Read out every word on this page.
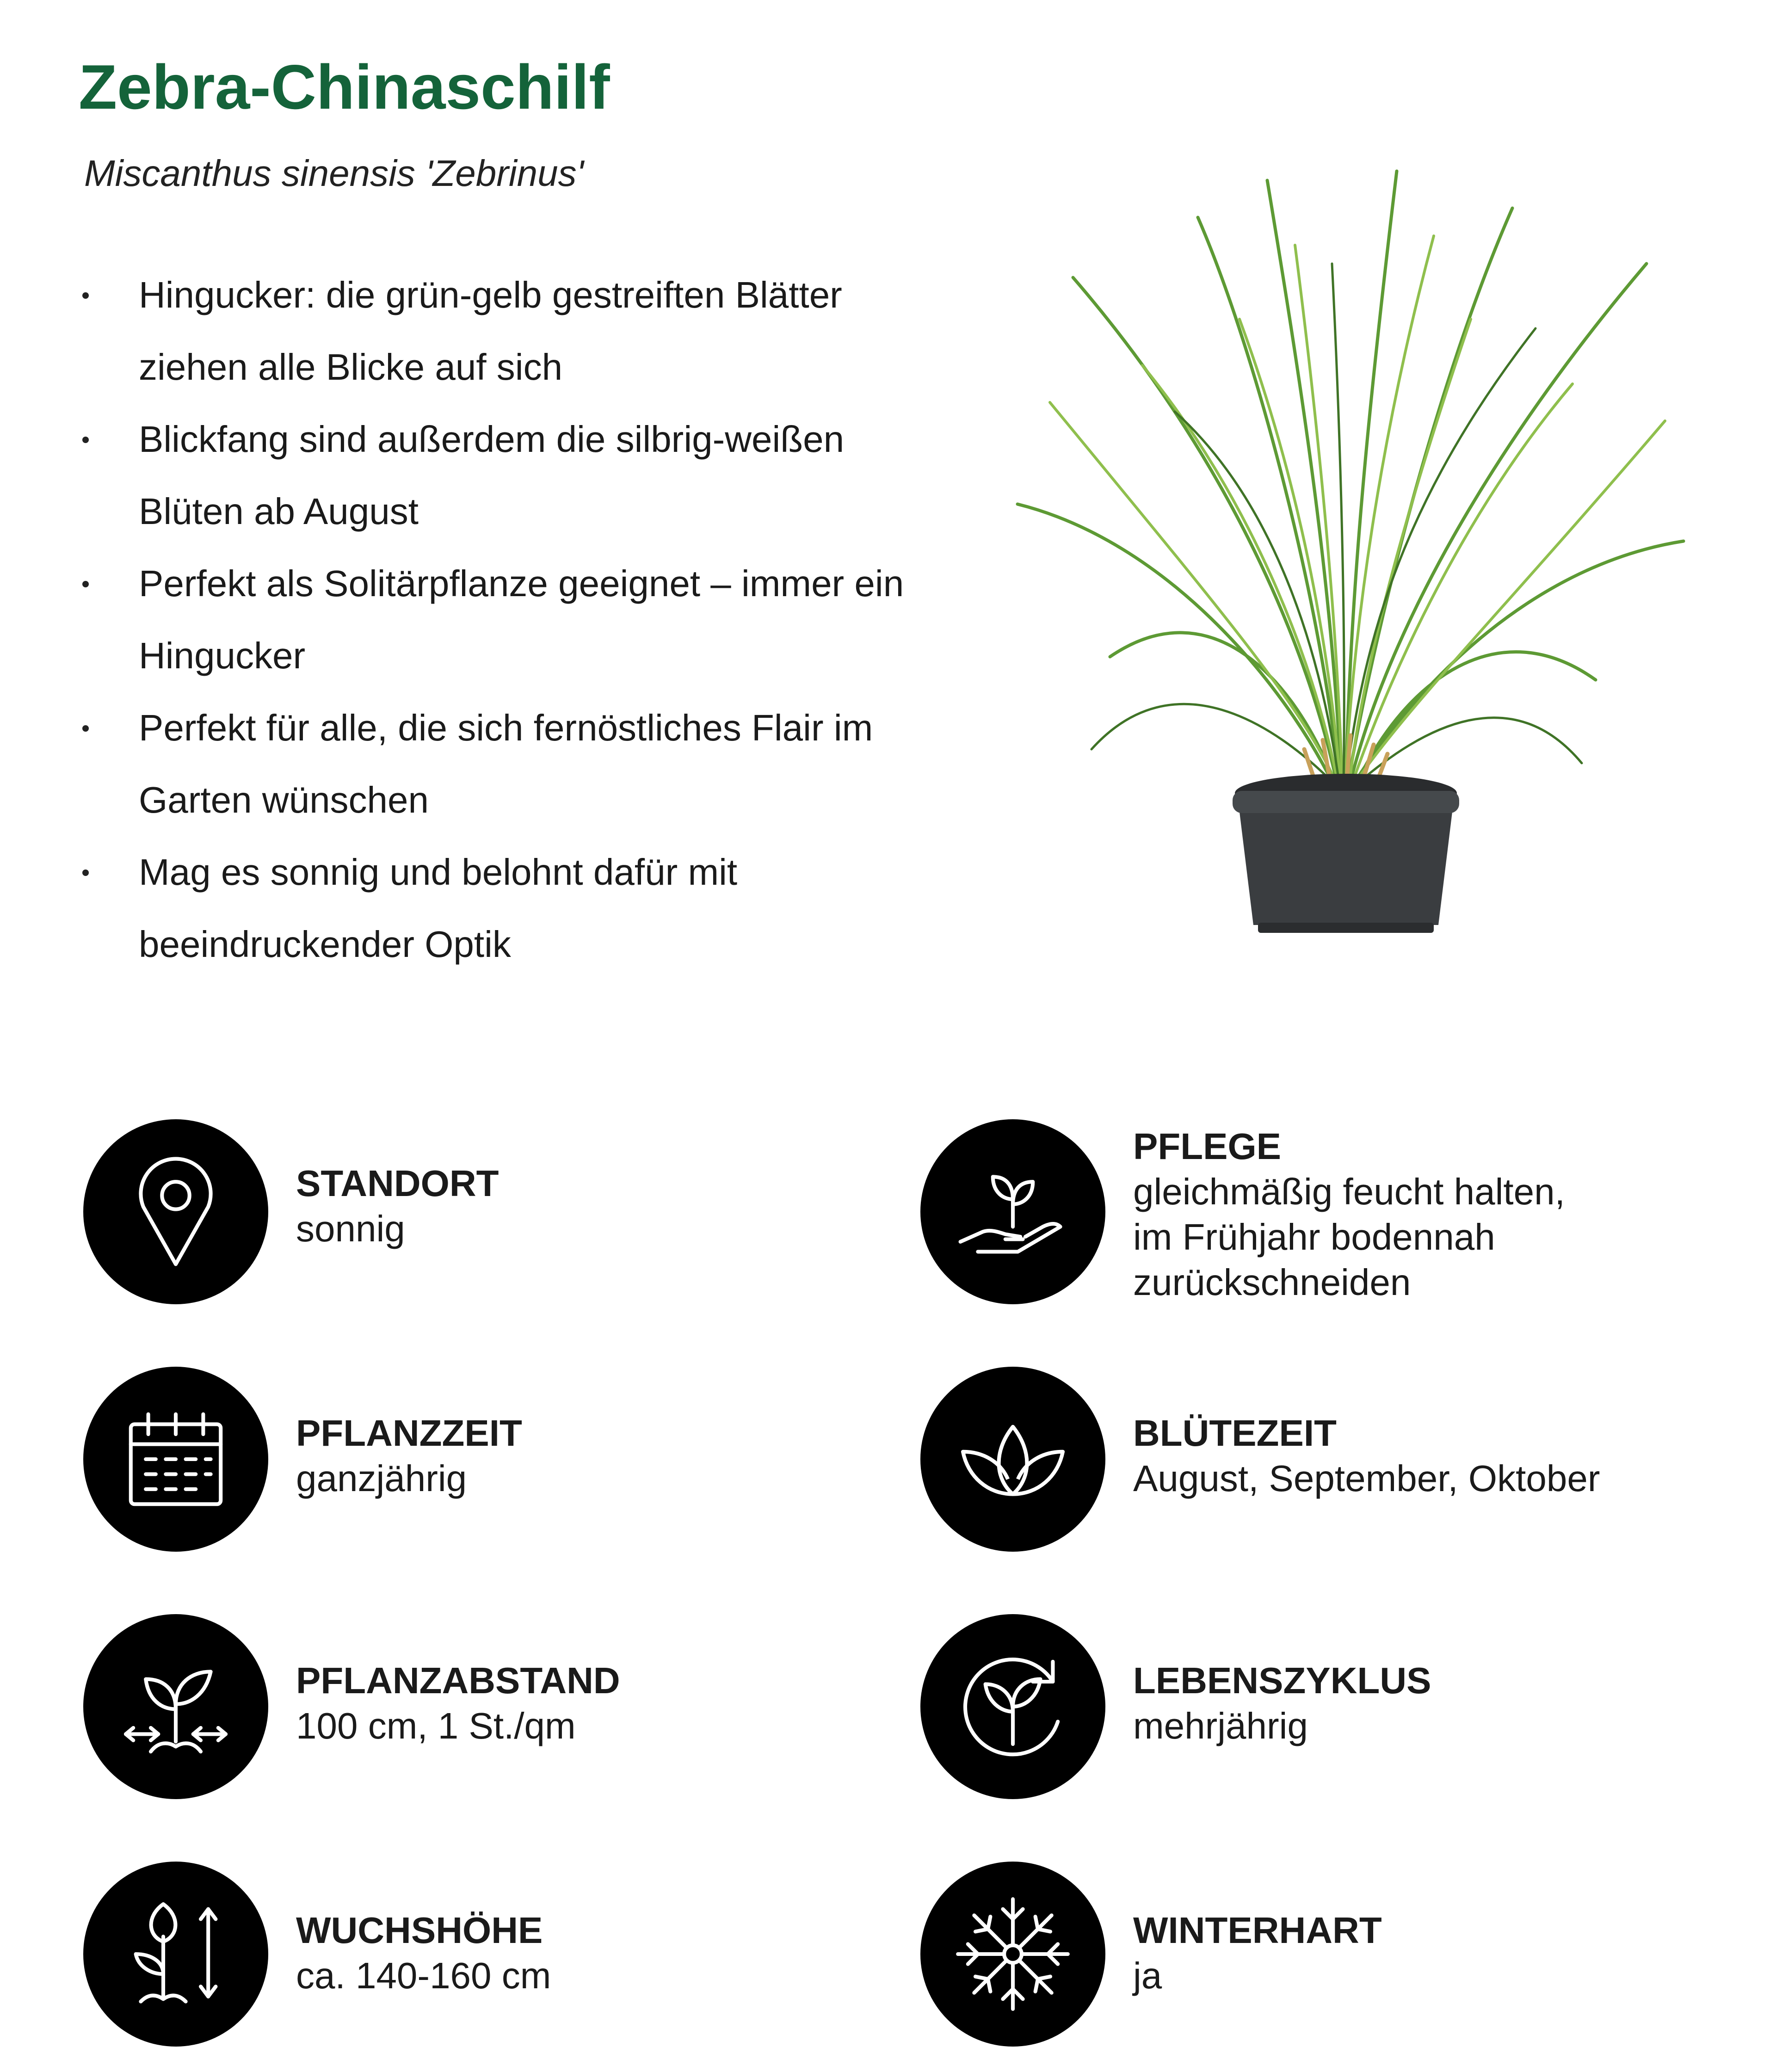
Zebra-Chinaschilf

Miscanthus sinensis 'Zebrinus'

Hingucker: die grün-gelb gestreiften Blätter ziehen alle Blicke auf sich
Blickfang sind außerdem die silbrig-weißen Blüten ab August
Perfekt als Solitärpflanze geeignet – immer ein Hingucker
Perfekt für alle, die sich fernöstliches Flair im Garten wünschen
Mag es sonnig und belohnt dafür mit beeindruckender Optik
STANDORT
sonnig
PFLEGE
gleichmäßig feucht halten,
im Frühjahr bodennah
zurückschneiden
PFLANZZEIT
ganzjährig
BLÜTEZEIT
August, September, Oktober
PFLANZABSTAND
100 cm, 1 St./qm
LEBENSZYKLUS
mehrjährig
WUCHSHÖHE
ca. 140-160 cm
WINTERHART
ja
